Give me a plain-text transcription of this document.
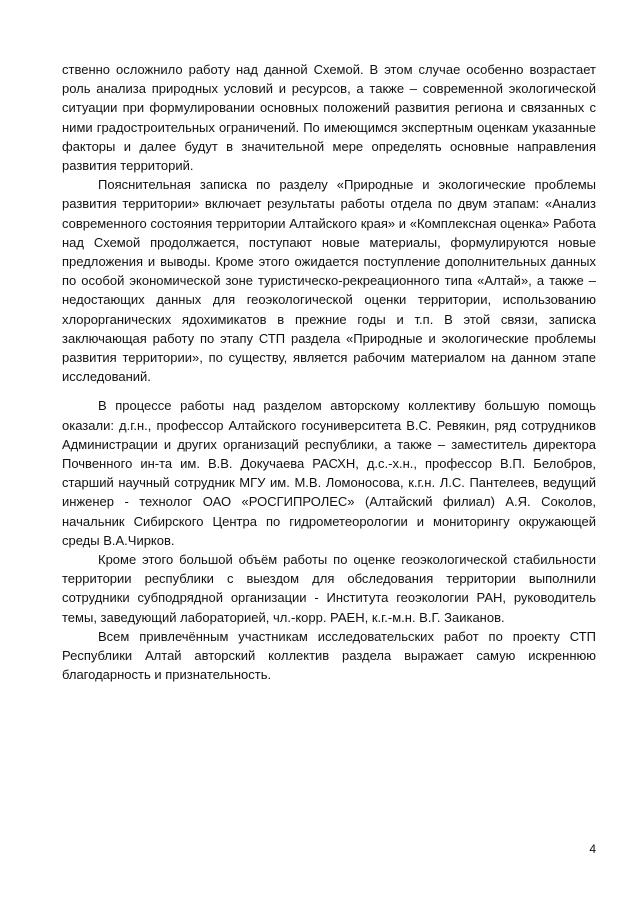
ственно осложнило работу над данной Схемой. В этом случае особенно возрастает роль анализа природных условий и ресурсов, а также – современной экологической ситуации при формулировании основных положений развития региона и связанных с ними градостроительных ограничений. По имеющимся экспертным оценкам указанные факторы и далее будут в значительной мере определять основные направления развития территорий.

Пояснительная записка по разделу «Природные и экологические проблемы развития территории» включает результаты работы отдела по двум этапам: «Анализ современного состояния территории Алтайского края» и «Комплексная оценка» Работа над Схемой продолжается, поступают новые материалы, формулируются новые предложения и выводы. Кроме этого ожидается поступление дополнительных данных по особой экономической зоне туристическо-рекреационного типа «Алтай», а также – недостающих данных для геоэкологической оценки территории, использованию хлорорганических ядохимикатов в прежние годы и т.п. В этой связи, записка заключающая работу по этапу СТП раздела «Природные и экологические проблемы развития территории», по существу, является рабочим материалом на данном этапе исследований.

В процессе работы над разделом авторскому коллективу большую помощь оказали: д.г.н., профессор Алтайского госуниверситета В.С. Ревякин, ряд сотрудников Администрации и других организаций республики, а также – заместитель директора Почвенного ин-та им. В.В. Докучаева РАСХН, д.с.-х.н., профессор В.П. Белобров, старший научный сотрудник МГУ им. М.В. Ломоносова, к.г.н. Л.С. Пантелеев, ведущий инженер - технолог ОАО «РОСГИПРОЛЕС» (Алтайский филиал) А.Я. Соколов, начальник Сибирского Центра по гидрометеорологии и мониторингу окружающей среды В.А.Чирков.

Кроме этого большой объём работы по оценке геоэкологической стабильности территории республики с выездом для обследования территории выполнили сотрудники субподрядной организации - Института геоэкологии РАН, руководитель темы, заведующий лабораторией, чл.-корр. РАЕН, к.г.-м.н. В.Г. Заиканов.

Всем привлечённым участникам исследовательских работ по проекту СТП Республики Алтай авторский коллектив раздела выражает самую искреннюю благодарность и признательность.

4
